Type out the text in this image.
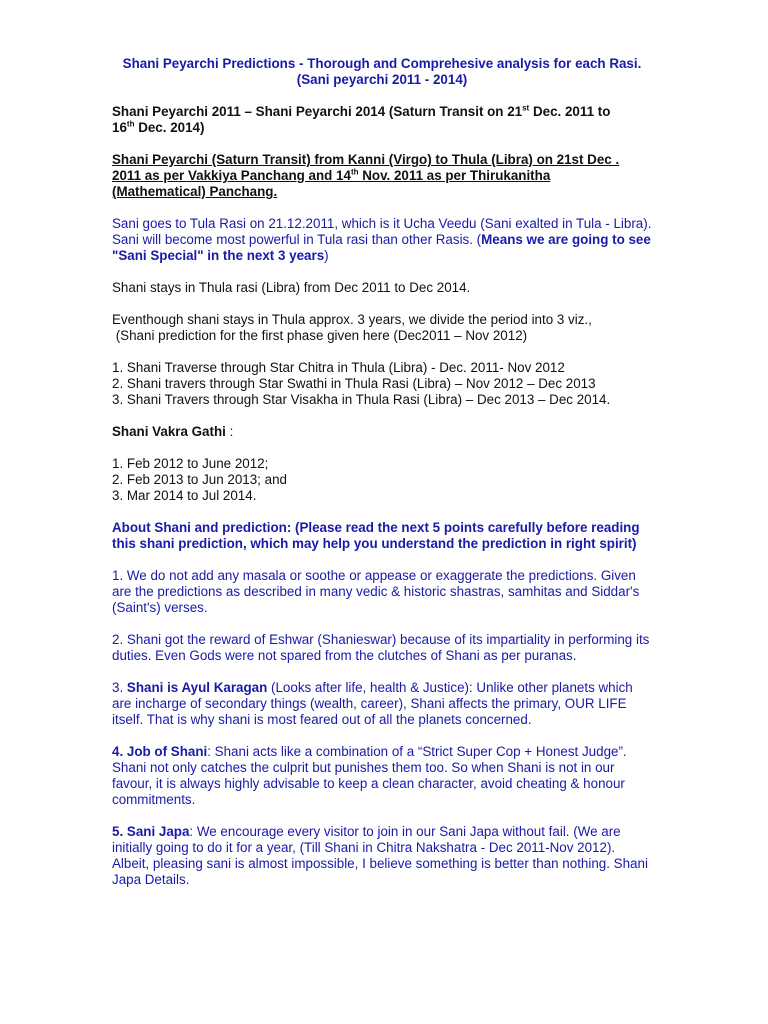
Shani Peyarchi Predictions - Thorough and Comprehesive analysis for each Rasi.
(Sani peyarchi 2011 - 2014)

Shani Peyarchi 2011 – Shani Peyarchi 2014 (Saturn Transit on 21st Dec. 2011 to
16th Dec. 2014)

Shani Peyarchi (Saturn Transit) from Kanni (Virgo) to Thula (Libra) on 21st Dec .
2011 as per Vakkiya Panchang and 14th Nov. 2011 as per Thirukanitha
(Mathematical) Panchang.

Sani goes to Tula Rasi on 21.12.2011, which is it Ucha Veedu (Sani exalted in Tula - Libra). Sani will become most powerful in Tula rasi than other Rasis. (Means we are going to see "Sani Special" in the next 3 years)

Shani stays in Thula rasi (Libra) from Dec 2011 to Dec 2014.

Eventhough shani stays in Thula approx. 3 years, we divide the period into 3 viz.,
(Shani prediction for the first phase given here (Dec2011 – Nov 2012)

1. Shani Traverse through Star Chitra in Thula (Libra) - Dec. 2011- Nov 2012
2. Shani travers through Star Swathi in Thula Rasi (Libra) – Nov 2012 – Dec 2013
3. Shani Travers through Star Visakha in Thula Rasi (Libra) – Dec 2013 – Dec 2014.

Shani Vakra Gathi :

1. Feb 2012 to June 2012;
2. Feb 2013 to Jun 2013; and
3. Mar 2014 to Jul 2014.

About Shani and prediction: (Please read the next 5 points carefully before reading this shani prediction, which may help you understand the prediction in right spirit)

1. We do not add any masala or soothe or appease or exaggerate the predictions. Given are the predictions as described in many vedic & historic shastras, samhitas and Siddar's (Saint's) verses.

2. Shani got the reward of Eshwar (Shanieswar) because of its impartiality in performing its duties. Even Gods were not spared from the clutches of Shani as per puranas.

3. Shani is Ayul Karagan (Looks after life, health & Justice): Unlike other planets which are incharge of secondary things (wealth, career), Shani affects the primary, OUR LIFE itself. That is why shani is most feared out of all the planets concerned.

4. Job of Shani: Shani acts like a combination of a “Strict Super Cop + Honest Judge”. Shani not only catches the culprit but punishes them too. So when Shani is not in our favour, it is always highly advisable to keep a clean character, avoid cheating & honour commitments.

5. Sani Japa: We encourage every visitor to join in our Sani Japa without fail. (We are initially going to do it for a year, (Till Shani in Chitra Nakshatra - Dec 2011-Nov 2012). Albeit, pleasing sani is almost impossible, I believe something is better than nothing. Shani Japa Details.
